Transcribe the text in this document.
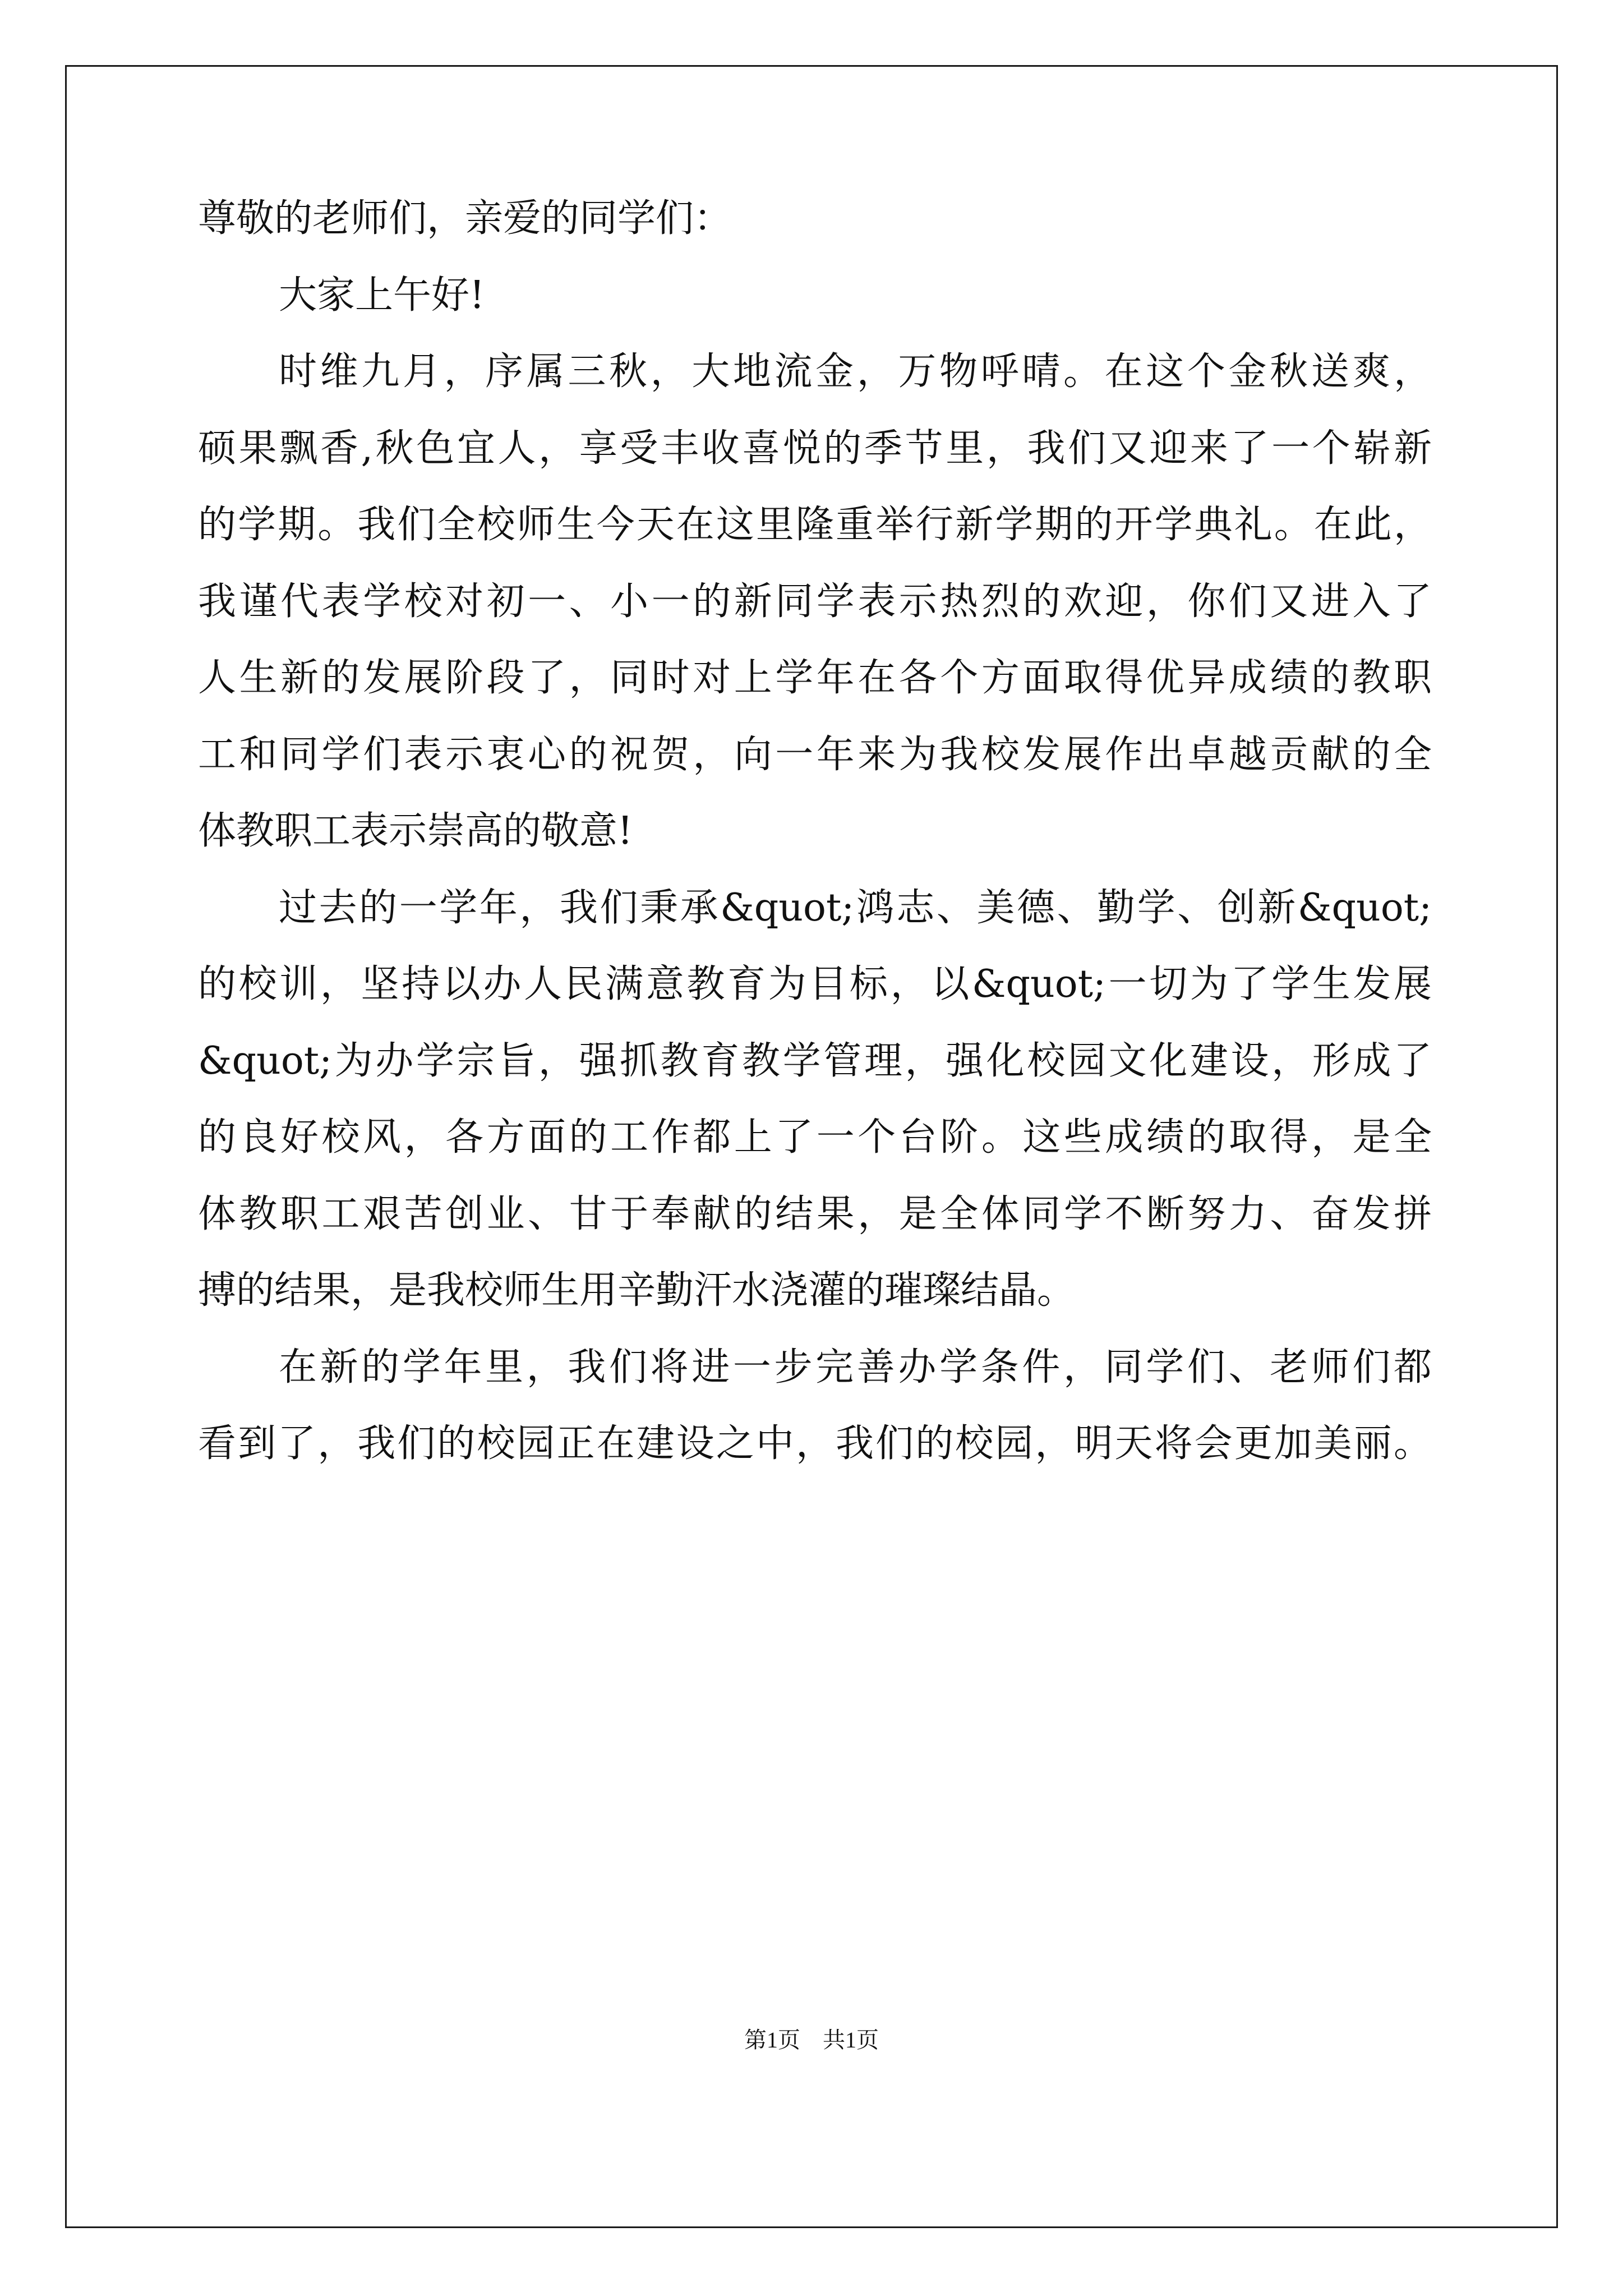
尊敬的老师们，亲爱的同学们：
大家上午好!
时维九月，序属三秋，大地流金，万物呼晴。在这个金秋送爽，
硕果飘香,秋色宜人，享受丰收喜悦的季节里，我们又迎来了一个崭新
的学期。我们全校师生今天在这里隆重举行新学期的开学典礼。在此，
我谨代表学校对初一、小一的新同学表示热烈的欢迎，你们又进入了
人生新的发展阶段了，同时对上学年在各个方面取得优异成绩的教职
工和同学们表示衷心的祝贺，向一年来为我校发展作出卓越贡献的全
体教职工表示崇高的敬意!
过去的一学年，我们秉承&quot;鸿志、美德、勤学、创新&quot;
的校训，坚持以办人民满意教育为目标，以&quot;一切为了学生发展
&quot;为办学宗旨，强抓教育教学管理，强化校园文化建设，形成了
的良好校风，各方面的工作都上了一个台阶。这些成绩的取得，是全
体教职工艰苦创业、甘于奉献的结果，是全体同学不断努力、奋发拼
搏的结果，是我校师生用辛勤汗水浇灌的璀璨结晶。
在新的学年里，我们将进一步完善办学条件，同学们、老师们都
看到了，我们的校园正在建设之中，我们的校园，明天将会更加美丽。
第1页　共1页
